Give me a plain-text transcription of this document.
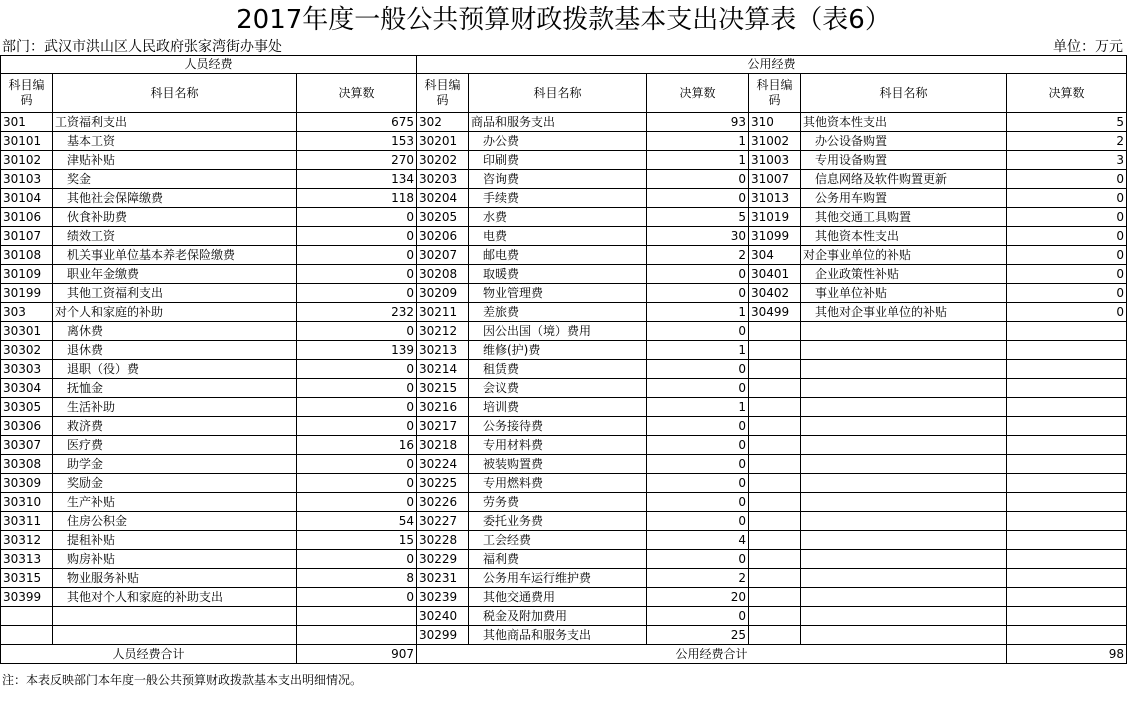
2017年度一般公共预算财政拨款基本支出决算表（表6）
部门：武汉市洪山区人民政府张家湾街办事处	单位：万元
人员经费			公用经费					
科目编码	科目名称	决算数	科目编码	科目名称	决算数	科目编码	科目名称	决算数
301	工资福利支出	675	302	商品和服务支出	93	310	其他资本性支出	5
30101	基本工资	153	30201	办公费	1	31002	办公设备购置	2
30102	津贴补贴	270	30202	印刷费	1	31003	专用设备购置	3
30103	奖金	134	30203	咨询费	0	31007	信息网络及软件购置更新	0
30104	其他社会保障缴费	118	30204	手续费	0	31013	公务用车购置	0
30106	伙食补助费	0	30205	水费	5	31019	其他交通工具购置	0
30107	绩效工资	0	30206	电费	30	31099	其他资本性支出	0
30108	机关事业单位基本养老保险缴费	0	30207	邮电费	2	304	对企事业单位的补贴	0
30109	职业年金缴费	0	30208	取暖费	0	30401	企业政策性补贴	0
30199	其他工资福利支出	0	30209	物业管理费	0	30402	事业单位补贴	0
303	对个人和家庭的补助	232	30211	差旅费	1	30499	其他对企事业单位的补贴	0
30301	离休费	0	30212	因公出国（境）费用	0			
30302	退休费	139	30213	维修(护)费	1			
30303	退职（役）费	0	30214	租赁费	0			
30304	抚恤金	0	30215	会议费	0			
30305	生活补助	0	30216	培训费	1			
30306	救济费	0	30217	公务接待费	0			
30307	医疗费	16	30218	专用材料费	0			
30308	助学金	0	30224	被装购置费	0			
30309	奖励金	0	30225	专用燃料费	0			
30310	生产补贴	0	30226	劳务费	0			
30311	住房公积金	54	30227	委托业务费	0			
30312	提租补贴	15	30228	工会经费	4			
30313	购房补贴	0	30229	福利费	0			
30315	物业服务补贴	8	30231	公务用车运行维护费	2			
30399	其他对个人和家庭的补助支出	0	30239	其他交通费用	20			
			30240	税金及附加费用	0			
			30299	其他商品和服务支出	25			
人员经费合计		907	公用经费合计					98
注：本表反映部门本年度一般公共预算财政拨款基本支出明细情况。
